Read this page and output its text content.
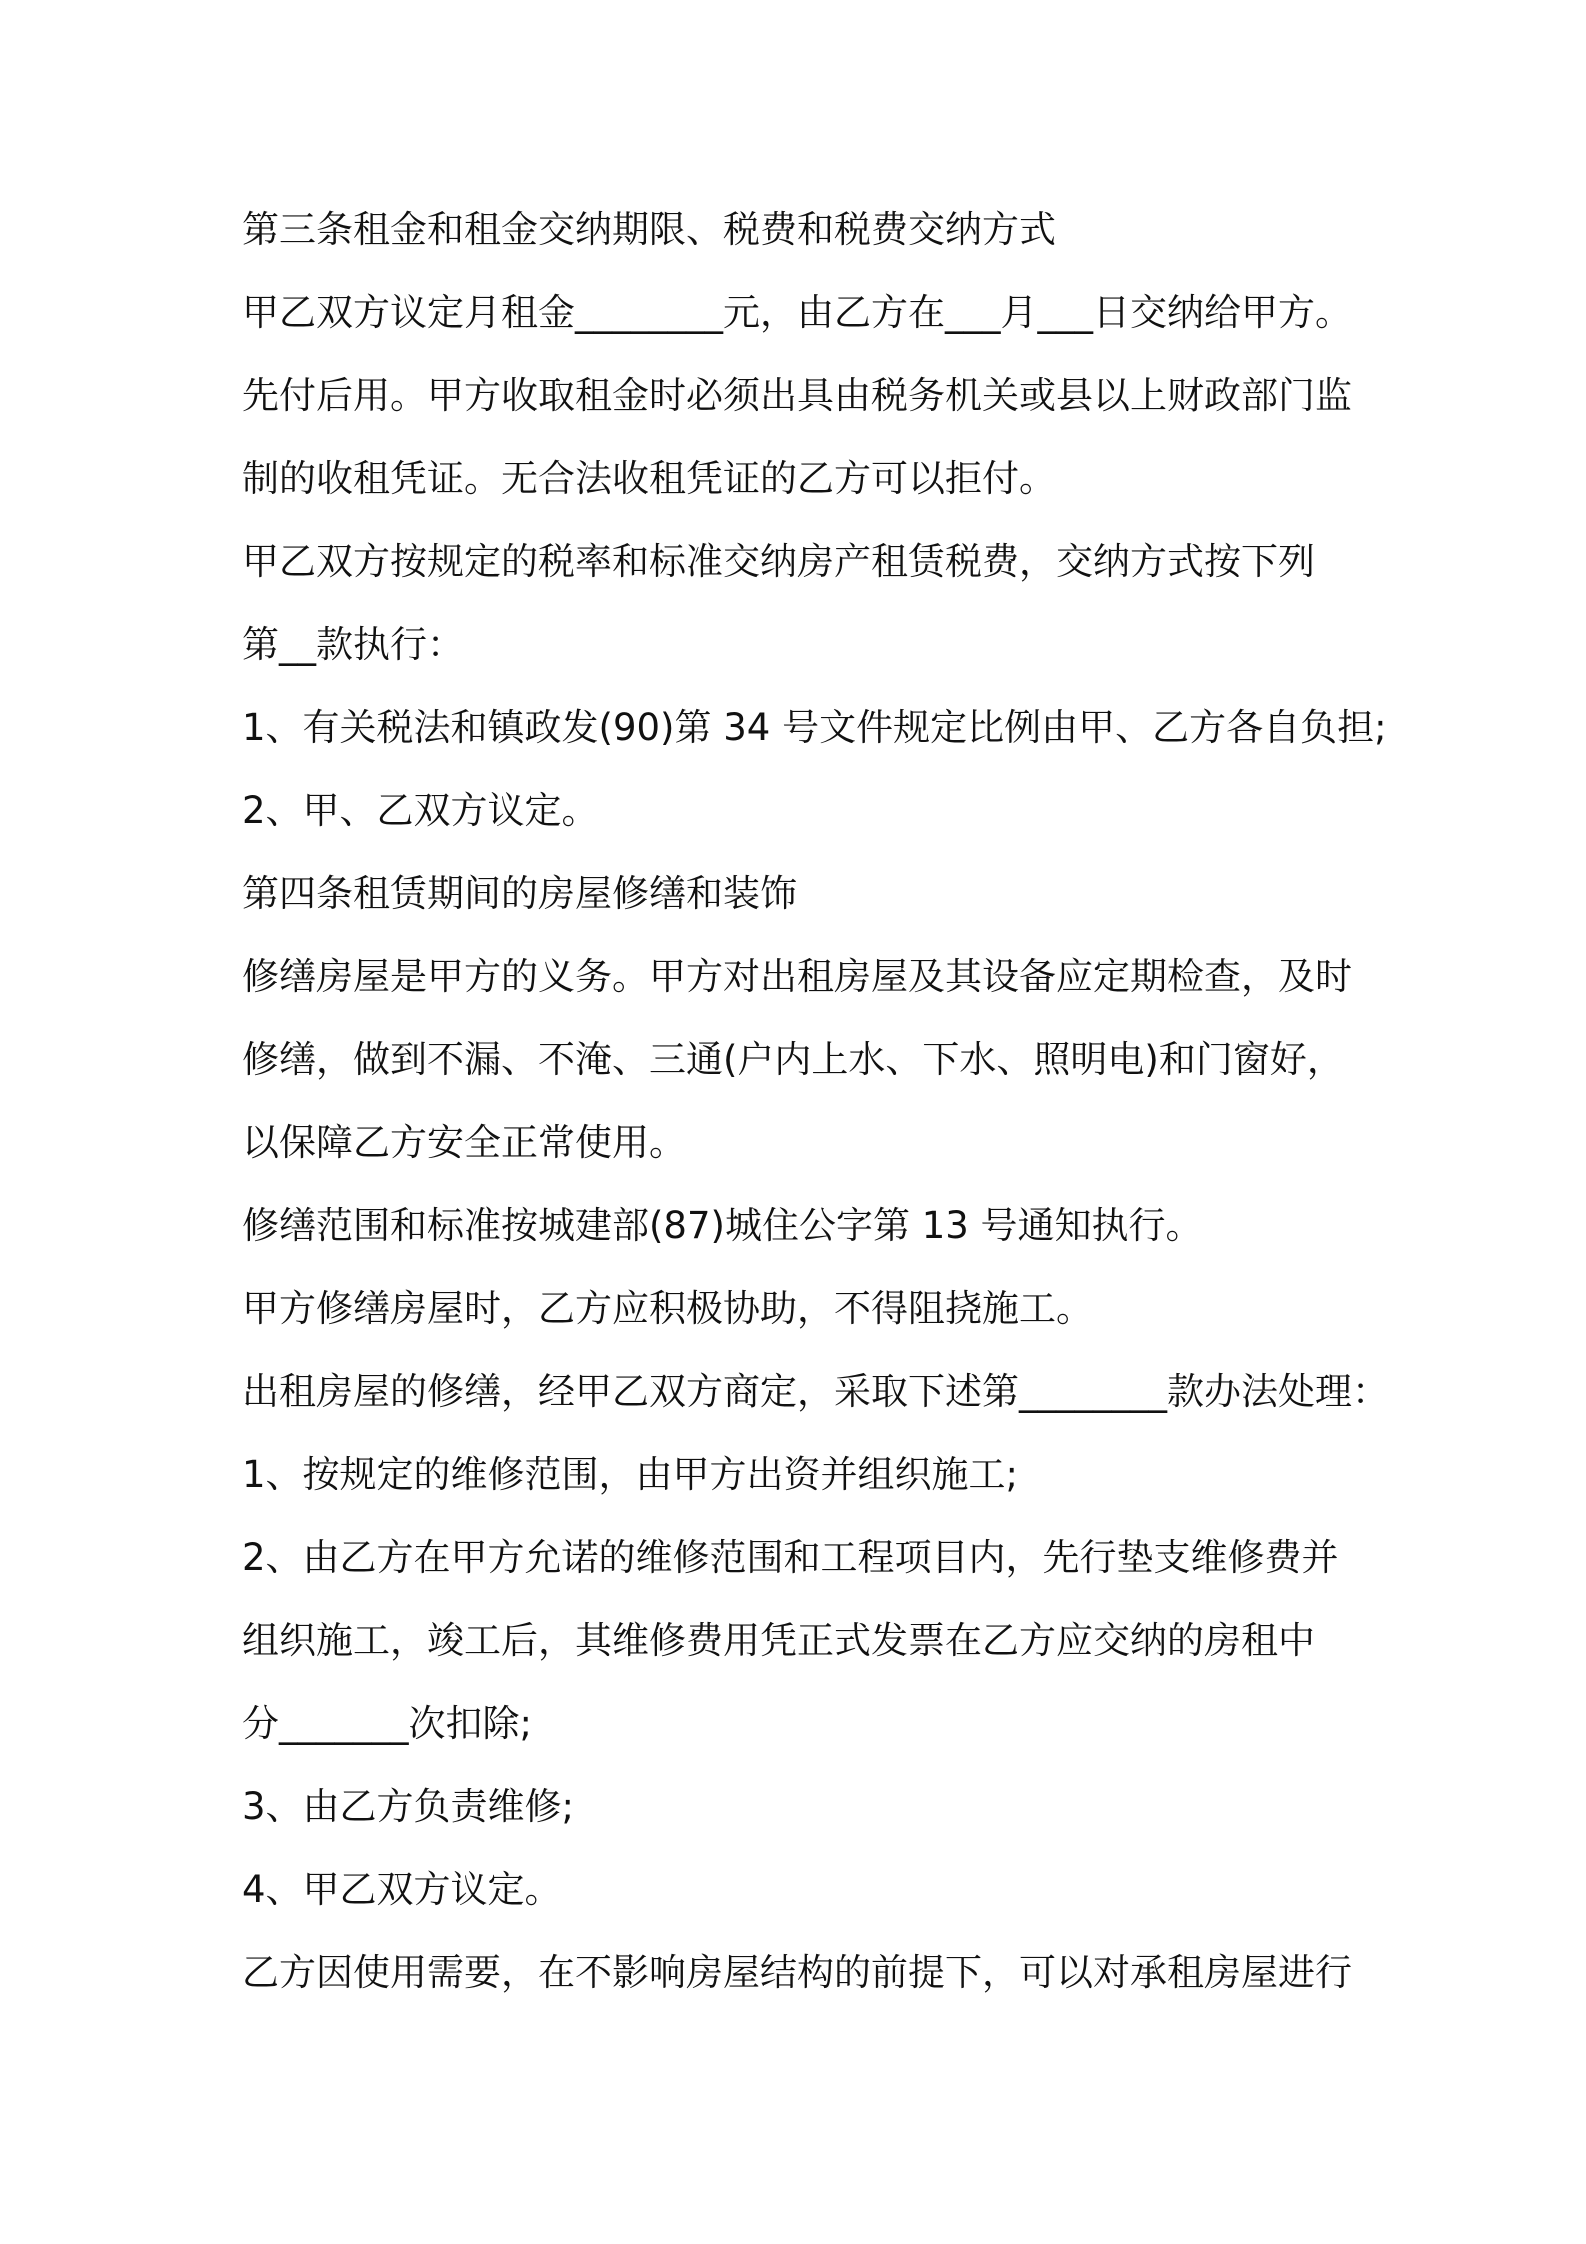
第三条租金和租金交纳期限、税费和税费交纳方式
甲乙双方议定月租金________元，由乙方在___月___日交纳给甲方。
先付后用。甲方收取租金时必须出具由税务机关或县以上财政部门监
制的收租凭证。无合法收租凭证的乙方可以拒付。
甲乙双方按规定的税率和标准交纳房产租赁税费，交纳方式按下列
第__款执行：
1、有关税法和镇政发(90)第 34 号文件规定比例由甲、乙方各自负担;
2、甲、乙双方议定。
第四条租赁期间的房屋修缮和装饰
修缮房屋是甲方的义务。甲方对出租房屋及其设备应定期检查，及时
修缮，做到不漏、不淹、三通(户内上水、下水、照明电)和门窗好，
以保障乙方安全正常使用。
修缮范围和标准按城建部(87)城住公字第 13 号通知执行。
甲方修缮房屋时，乙方应积极协助，不得阻挠施工。
出租房屋的修缮，经甲乙双方商定，采取下述第________款办法处理：
1、按规定的维修范围，由甲方出资并组织施工;
2、由乙方在甲方允诺的维修范围和工程项目内，先行垫支维修费并
组织施工，竣工后，其维修费用凭正式发票在乙方应交纳的房租中
分_______次扣除;
3、由乙方负责维修;
4、甲乙双方议定。
乙方因使用需要，在不影响房屋结构的前提下，可以对承租房屋进行
